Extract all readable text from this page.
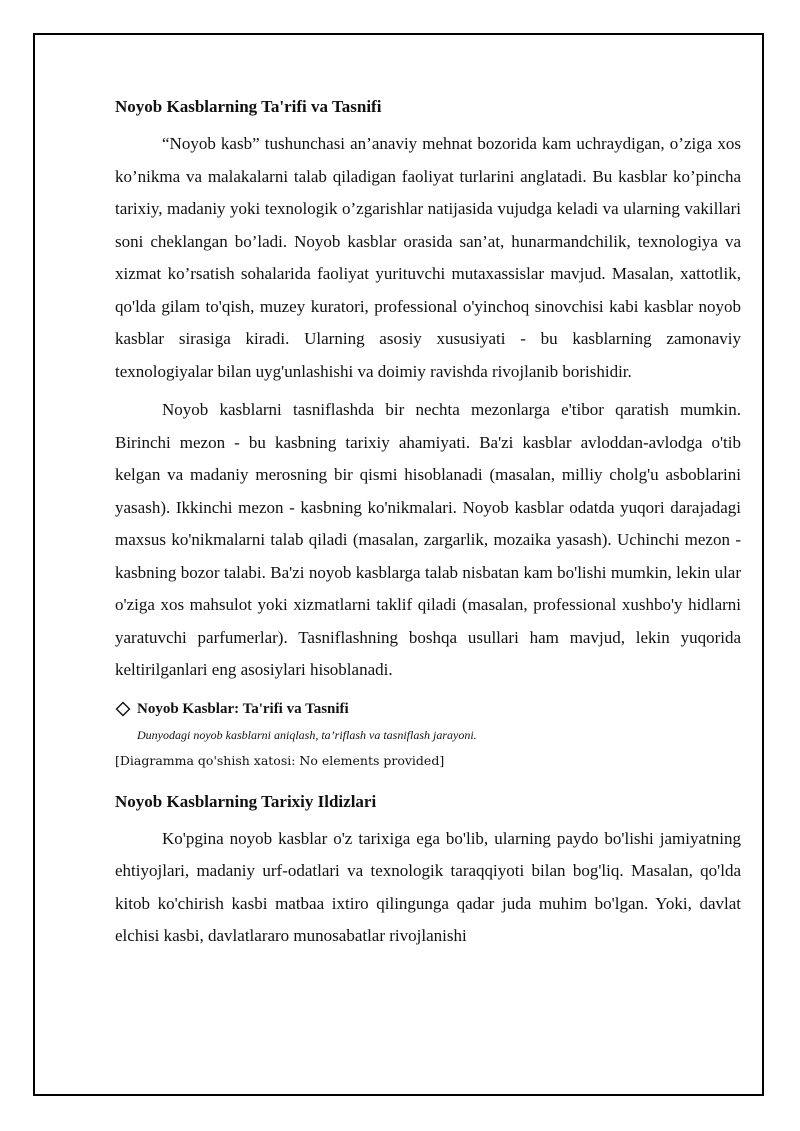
Noyob Kasblarning Ta'rifi va Tasnifi

“Noyob kasb” tushunchasi an’anaviy mehnat bozorida kam uchraydigan, o’ziga xos ko’nikma va malakalarni talab qiladigan faoliyat turlarini anglatadi. Bu kasblar ko’pincha tarixiy, madaniy yoki texnologik o’zgarishlar natijasida vujudga keladi va ularning vakillari soni cheklangan bo’ladi. Noyob kasblar orasida san’at, hunarmandchilik, texnologiya va xizmat ko’rsatish sohalarida faoliyat yurituvchi mutaxassislar mavjud. Masalan, xattotlik, qo'lda gilam to'qish, muzey kuratori, professional o'yinchoq sinovchisi kabi kasblar noyob kasblar sirasiga kiradi. Ularning asosiy xususiyati - bu kasblarning zamonaviy texnologiyalar bilan uyg'unlashishi va doimiy ravishda rivojlanib borishidir.

Noyob kasblarni tasniflashda bir nechta mezonlarga e'tibor qaratish mumkin. Birinchi mezon - bu kasbning tarixiy ahamiyati. Ba'zi kasblar avloddan-avlodga o'tib kelgan va madaniy merosning bir qismi hisoblanadi (masalan, milliy cholg'u asboblarini yasash). Ikkinchi mezon - kasbning ko'nikmalari. Noyob kasblar odatda yuqori darajadagi maxsus ko'nikmalarni talab qiladi (masalan, zargarlik, mozaika yasash). Uchinchi mezon - kasbning bozor talabi. Ba'zi noyob kasblarga talab nisbatan kam bo'lishi mumkin, lekin ular o'ziga xos mahsulot yoki xizmatlarni taklif qiladi (masalan, professional xushbo'y hidlarni yaratuvchi parfumerlar). Tasniflashning boshqa usullari ham mavjud, lekin yuqorida keltirilganlari eng asosiylari hisoblanadi.

Noyob Kasblar: Ta'rifi va Tasnifi
Dunyodagi noyob kasblarni aniqlash, ta’riflash va tasniflash jarayoni.
[Diagramma qo'shish xatosi: No elements provided]
Noyob Kasblarning Tarixiy Ildizlari

Ko'pgina noyob kasblar o'z tarixiga ega bo'lib, ularning paydo bo'lishi jamiyatning ehtiyojlari, madaniy urf-odatlari va texnologik taraqqiyoti bilan bog'liq. Masalan, qo'lda kitob ko'chirish kasbi matbaa ixtiro qilingunga qadar juda muhim bo'lgan. Yoki, davlat elchisi kasbi, davlatlararo munosabatlar rivojlanishi
